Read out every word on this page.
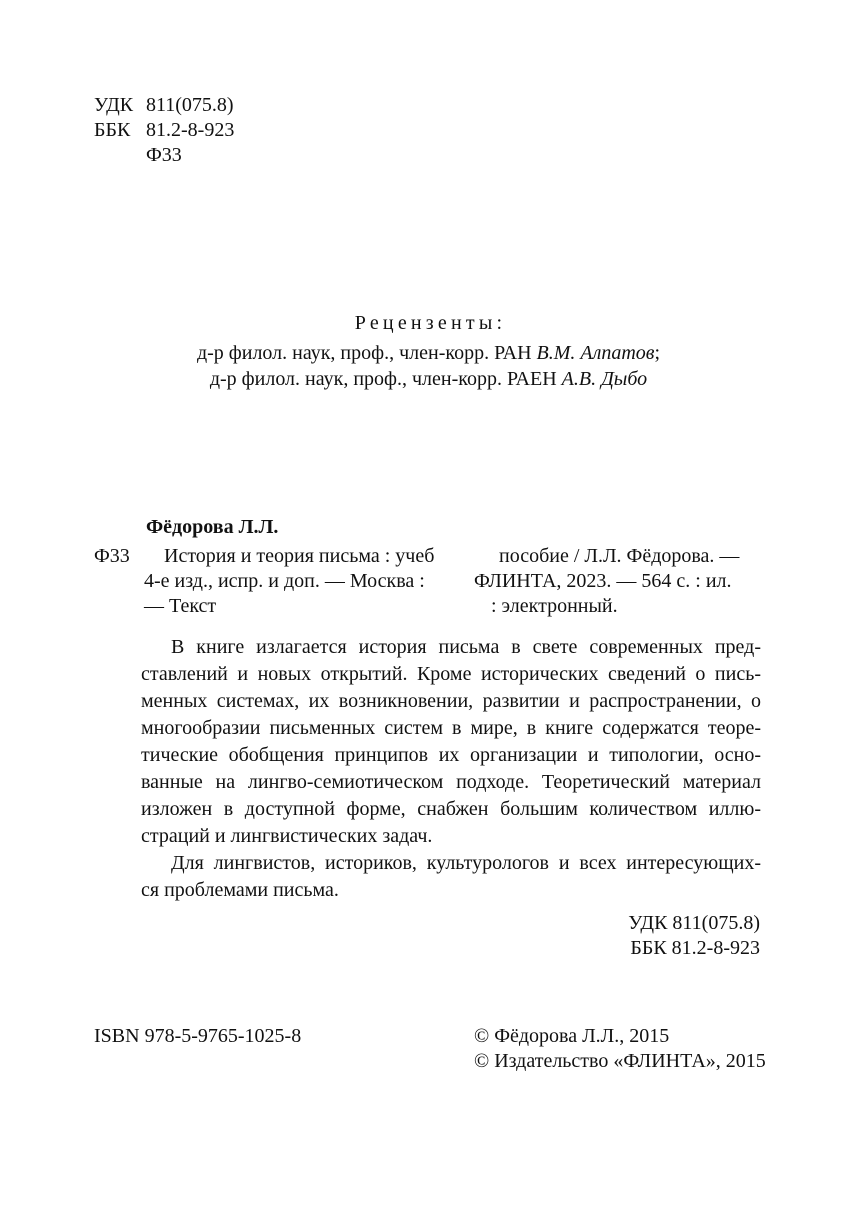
УДК 811(075.8)
ББК 81.2-8-923
Ф33
Рецензенты:
д-р филол. наук, проф., член-корр. РАН В.М. Алпатов;
д-р филол. наук, проф., член-корр. РАЕН А.В. Дыбо
Фёдорова Л.Л.
Ф33 История и теория письма : учеб	пособие / Л.Л. Фёдорова. —
4-е изд., испр. и доп. — Москва : ФЛИНТА, 2023. — 564 с. : ил.
— Текст	: электронный.
В книге излагается история письма в свете современных пред-
ставлений и новых открытий. Кроме исторических сведений о пись-
менных системах, их возникновении, развитии и распространении, о
многообразии письменных систем в мире, в книге содержатся теоре-
тические обобщения принципов их организации и типологии, осно-
ванные на лингво-семиотическом подходе. Теоретический материал
изложен в доступной форме, снабжен большим количеством иллю-
страций и лингвистических задач.
Для лингвистов, историков, культурологов и всех интересующих-
ся проблемами письма.
УДК 811(075.8)
ББК 81.2-8-923
ISBN 978-5-9765-1025-8	© Фёдорова Л.Л., 2015
© Издательство «ФЛИНТА», 2015
